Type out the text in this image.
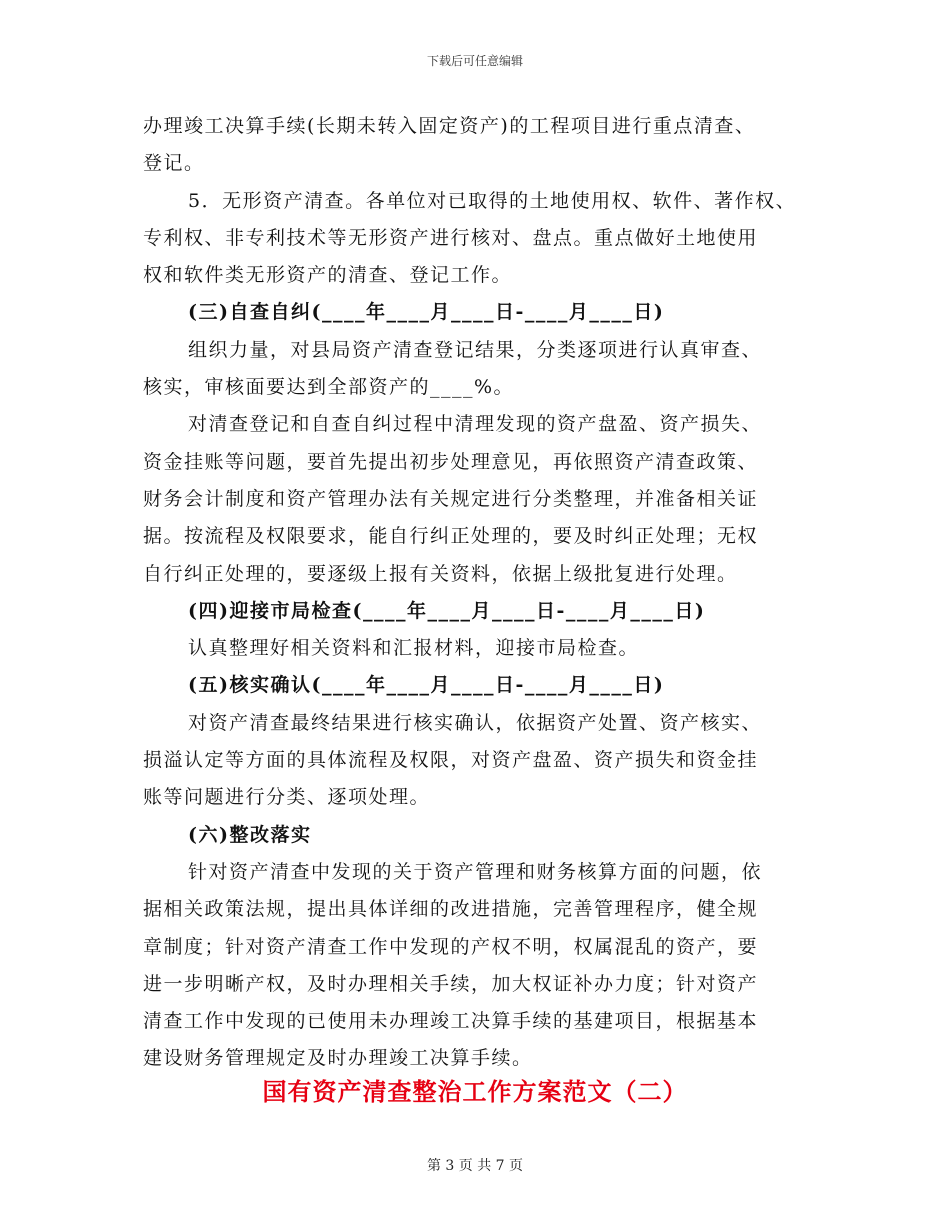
下载后可任意编辑
办理竣工决算手续(长期未转入固定资产)的工程项目进行重点清查、
登记。
5．无形资产清查。各单位对已取得的土地使用权、软件、著作权、
专利权、非专利技术等无形资产进行核对、盘点。重点做好土地使用
权和软件类无形资产的清查、登记工作。
(三)自查自纠(____年____月____日-____月____日)
组织力量，对县局资产清查登记结果，分类逐项进行认真审查、
核实，审核面要达到全部资产的____%。
对清查登记和自查自纠过程中清理发现的资产盘盈、资产损失、
资金挂账等问题，要首先提出初步处理意见，再依照资产清查政策、
财务会计制度和资产管理办法有关规定进行分类整理，并准备相关证
据。按流程及权限要求，能自行纠正处理的，要及时纠正处理；无权
自行纠正处理的，要逐级上报有关资料，依据上级批复进行处理。
(四)迎接市局检查(____年____月____日-____月____日)
认真整理好相关资料和汇报材料，迎接市局检查。
(五)核实确认(____年____月____日-____月____日)
对资产清查最终结果进行核实确认，依据资产处置、资产核实、
损溢认定等方面的具体流程及权限，对资产盘盈、资产损失和资金挂
账等问题进行分类、逐项处理。
(六)整改落实
针对资产清查中发现的关于资产管理和财务核算方面的问题，依
据相关政策法规，提出具体详细的改进措施，完善管理程序，健全规
章制度；针对资产清查工作中发现的产权不明，权属混乱的资产，要
进一步明晰产权，及时办理相关手续，加大权证补办力度；针对资产
清查工作中发现的已使用未办理竣工决算手续的基建项目，根据基本
建设财务管理规定及时办理竣工决算手续。
国有资产清查整治工作方案范文（二）
第 3 页 共 7 页
